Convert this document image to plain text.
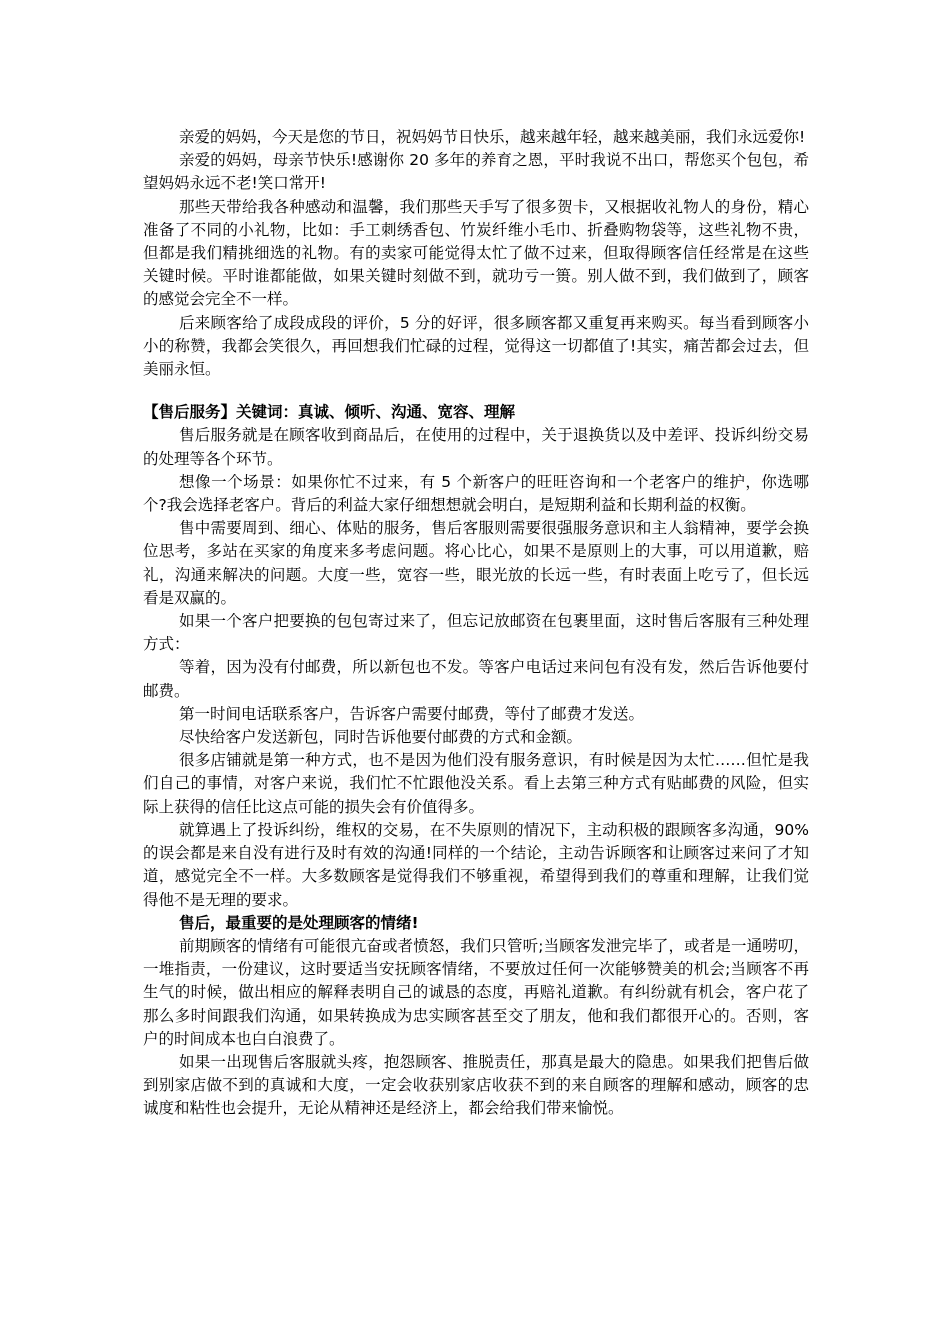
亲爱的妈妈，今天是您的节日，祝妈妈节日快乐，越来越年轻，越来越美丽，我们永远爱你!

亲爱的妈妈，母亲节快乐!感谢你 20 多年的养育之恩，平时我说不出口，帮您买个包包，希望妈妈永远不老!笑口常开!

那些天带给我各种感动和温馨，我们那些天手写了很多贺卡，又根据收礼物人的身份，精心准备了不同的小礼物，比如：手工刺绣香包、竹炭纤维小毛巾、折叠购物袋等，这些礼物不贵，但都是我们精挑细选的礼物。有的卖家可能觉得太忙了做不过来，但取得顾客信任经常是在这些关键时候。平时谁都能做，如果关键时刻做不到，就功亏一篑。别人做不到，我们做到了，顾客的感觉会完全不一样。

后来顾客给了成段成段的评价，5 分的好评，很多顾客都又重复再来购买。每当看到顾客小小的称赞，我都会笑很久，再回想我们忙碌的过程，觉得这一切都值了!其实，痛苦都会过去，但美丽永恒。

【售后服务】关键词：真诚、倾听、沟通、宽容、理解

售后服务就是在顾客收到商品后，在使用的过程中，关于退换货以及中差评、投诉纠纷交易的处理等各个环节。

想像一个场景：如果你忙不过来，有 5 个新客户的旺旺咨询和一个老客户的维护，你选哪个?我会选择老客户。背后的利益大家仔细想想就会明白，是短期利益和长期利益的权衡。

售中需要周到、细心、体贴的服务，售后客服则需要很强服务意识和主人翁精神，要学会换位思考，多站在买家的角度来多考虑问题。将心比心，如果不是原则上的大事，可以用道歉，赔礼，沟通来解决的问题。大度一些，宽容一些，眼光放的长远一些，有时表面上吃亏了，但长远看是双赢的。

如果一个客户把要换的包包寄过来了，但忘记放邮资在包裹里面，这时售后客服有三种处理方式：

等着，因为没有付邮费，所以新包也不发。等客户电话过来问包有没有发，然后告诉他要付邮费。

第一时间电话联系客户，告诉客户需要付邮费，等付了邮费才发送。

尽快给客户发送新包，同时告诉他要付邮费的方式和金额。

很多店铺就是第一种方式，也不是因为他们没有服务意识，有时候是因为太忙……但忙是我们自己的事情，对客户来说，我们忙不忙跟他没关系。看上去第三种方式有贴邮费的风险，但实际上获得的信任比这点可能的损失会有价值得多。

就算遇上了投诉纠纷，维权的交易，在不失原则的情况下，主动积极的跟顾客多沟通，90%的误会都是来自没有进行及时有效的沟通!同样的一个结论，主动告诉顾客和让顾客过来问了才知道，感觉完全不一样。大多数顾客是觉得我们不够重视，希望得到我们的尊重和理解，让我们觉得他不是无理的要求。

售后，最重要的是处理顾客的情绪!

前期顾客的情绪有可能很亢奋或者愤怒，我们只管听;当顾客发泄完毕了，或者是一通唠叨，一堆指责，一份建议，这时要适当安抚顾客情绪，不要放过任何一次能够赞美的机会;当顾客不再生气的时候，做出相应的解释表明自己的诚恳的态度，再赔礼道歉。有纠纷就有机会，客户花了那么多时间跟我们沟通，如果转换成为忠实顾客甚至交了朋友，他和我们都很开心的。否则，客户的时间成本也白白浪费了。

如果一出现售后客服就头疼，抱怨顾客、推脱责任，那真是最大的隐患。如果我们把售后做到别家店做不到的真诚和大度，一定会收获别家店收获不到的来自顾客的理解和感动，顾客的忠诚度和粘性也会提升，无论从精神还是经济上，都会给我们带来愉悦。
